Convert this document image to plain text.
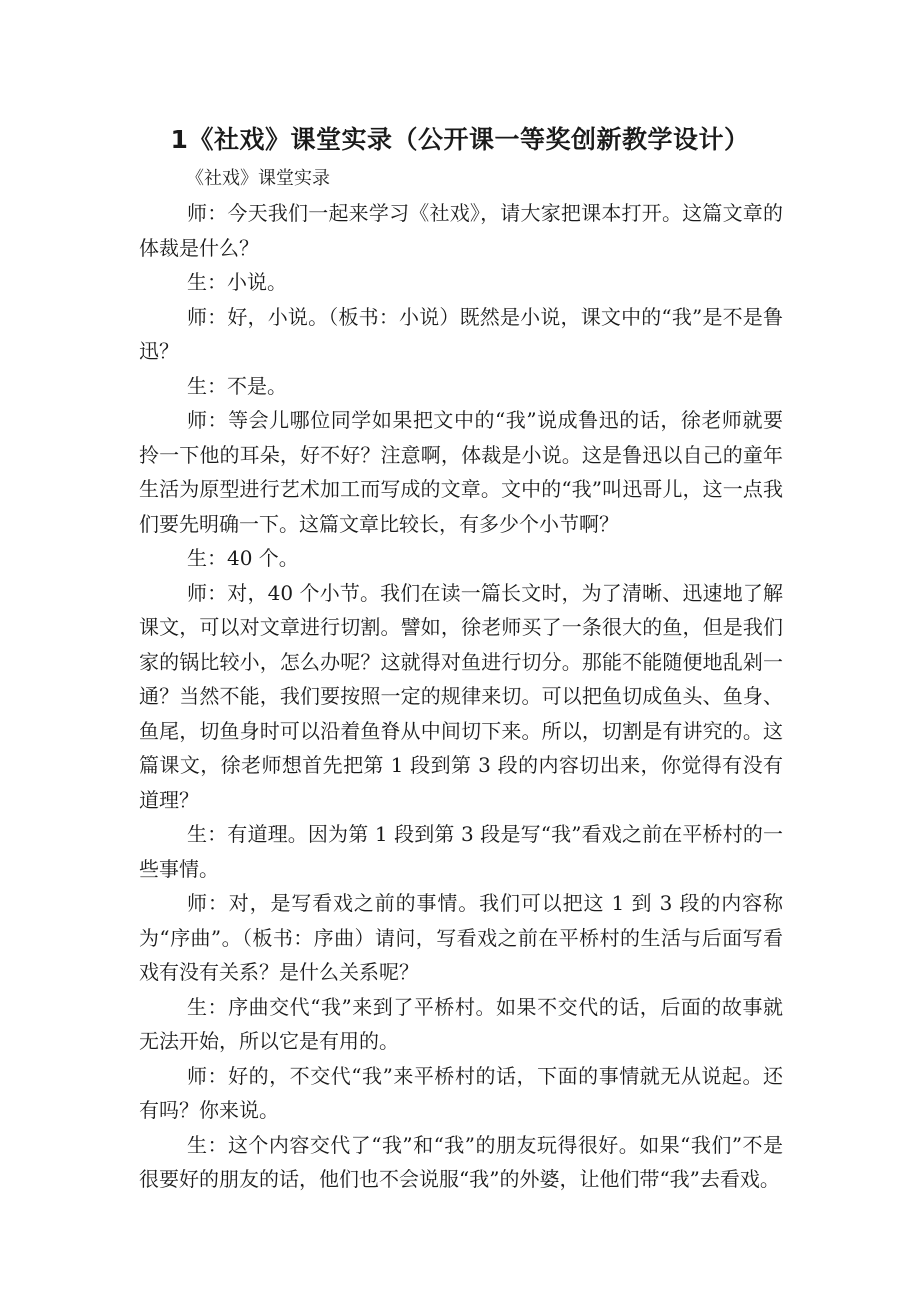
1《社戏》课堂实录（公开课一等奖创新教学设计）

《社戏》课堂实录

师：今天我们一起来学习《社戏》，请大家把课本打开。这篇文章的体裁是什么？

生：小说。

师：好，小说。（板书：小说）既然是小说，课文中的“我”是不是鲁迅？

生：不是。

师：等会儿哪位同学如果把文中的“我”说成鲁迅的话，徐老师就要拎一下他的耳朵，好不好？注意啊，体裁是小说。这是鲁迅以自己的童年生活为原型进行艺术加工而写成的文章。文中的“我”叫迅哥儿，这一点我们要先明确一下。这篇文章比较长，有多少个小节啊？

生：40 个。

师：对，40 个小节。我们在读一篇长文时，为了清晰、迅速地了解课文，可以对文章进行切割。譬如，徐老师买了一条很大的鱼，但是我们家的锅比较小，怎么办呢？这就得对鱼进行切分。那能不能随便地乱剁一通？当然不能，我们要按照一定的规律来切。可以把鱼切成鱼头、鱼身、鱼尾，切鱼身时可以沿着鱼脊从中间切下来。所以，切割是有讲究的。这篇课文，徐老师想首先把第 1 段到第 3 段的内容切出来，你觉得有没有道理？

生：有道理。因为第 1 段到第 3 段是写“我”看戏之前在平桥村的一些事情。

师：对，是写看戏之前的事情。我们可以把这 1 到 3 段的内容称为“序曲”。（板书：序曲）请问，写看戏之前在平桥村的生活与后面写看戏有没有关系？是什么关系呢？

生：序曲交代“我”来到了平桥村。如果不交代的话，后面的故事就无法开始，所以它是有用的。

师：好的，不交代“我”来平桥村的话，下面的事情就无从说起。还有吗？你来说。

生：这个内容交代了“我”和“我”的朋友玩得很好。如果“我们”不是很要好的朋友的话，他们也不会说服“我”的外婆，让他们带“我”去看戏。
